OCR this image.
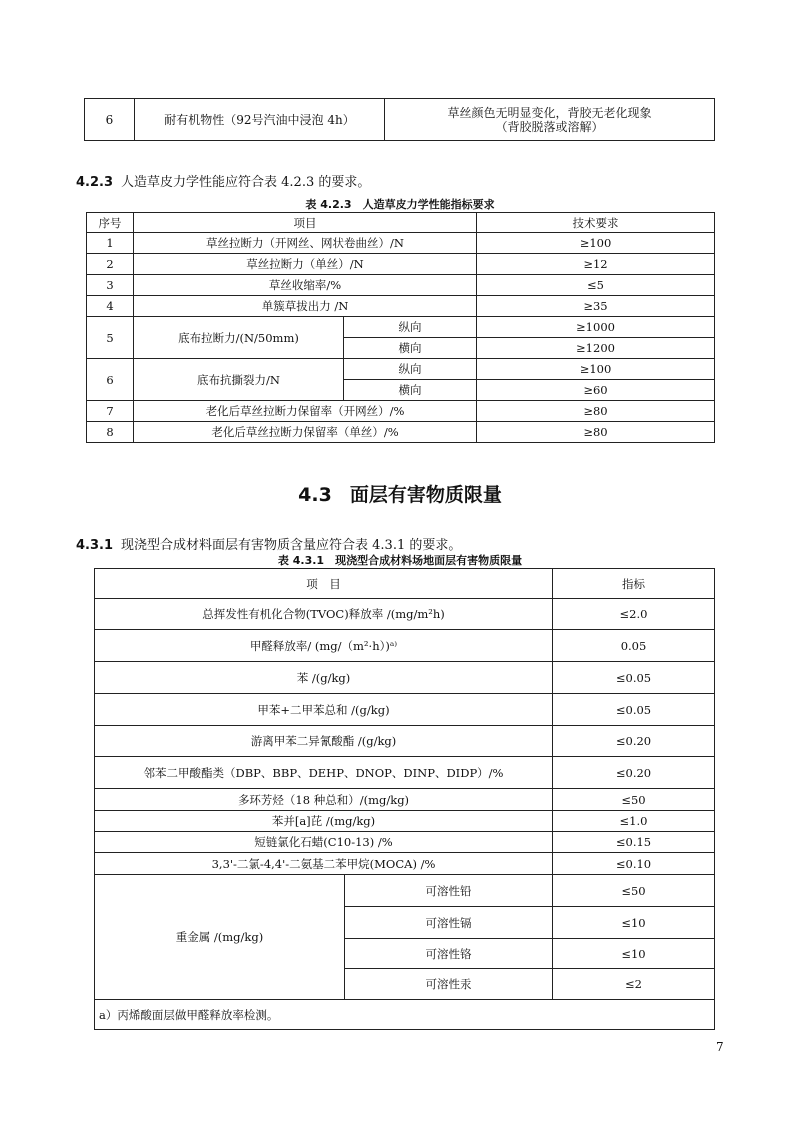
6	耐有机物性（92号汽油中浸泡 4h）	草丝颜色无明显变化，背胶无老化现象
（背胶脱落或溶解）
4.2.3 人造草皮力学性能应符合表 4.2.3 的要求。
表 4.2.3　人造草皮力学性能指标要求
序号	项目		技术要求
1	草丝拉断力（开网丝、网状卷曲丝）/N		≥100
2	草丝拉断力（单丝）/N		≥12
3	草丝收缩率/%		≤5
4	单簇草拔出力 /N		≥35
5	底布拉断力/(N/50mm)	纵向	≥1000
		横向	≥1200
6	底布抗撕裂力/N	纵向	≥100
		横向	≥60
7	老化后草丝拉断力保留率（开网丝）/%		≥80
8	老化后草丝拉断力保留率（单丝）/%		≥80
4.3 面层有害物质限量
4.3.1 现浇型合成材料面层有害物质含量应符合表 4.3.1 的要求。
表 4.3.1　现浇型合成材料场地面层有害物质限量
项　目		指标
总挥发性有机化合物(TVOC)释放率 /(mg/m²h)		≤2.0
甲醛释放率/ (mg/（m²·h）)ᵃ⁾		0.05
苯 /(g/kg)		≤0.05
甲苯+二甲苯总和 /(g/kg)		≤0.05
游离甲苯二异氰酸酯 /(g/kg)		≤0.20
邻苯二甲酸酯类（DBP、BBP、DEHP、DNOP、DINP、DIDP）/%		≤0.20
多环芳烃（18 种总和）/(mg/kg)		≤50
苯并[a]芘 /(mg/kg)		≤1.0
短链氯化石蜡(C10-13) /%		≤0.15
3,3'-二氯-4,4'-二氨基二苯甲烷(MOCA) /%		≤0.10
重金属 /(mg/kg)	可溶性铅	≤50
	可溶性镉	≤10
	可溶性铬	≤10
	可溶性汞	≤2
a）丙烯酸面层做甲醛释放率检测。		
7
